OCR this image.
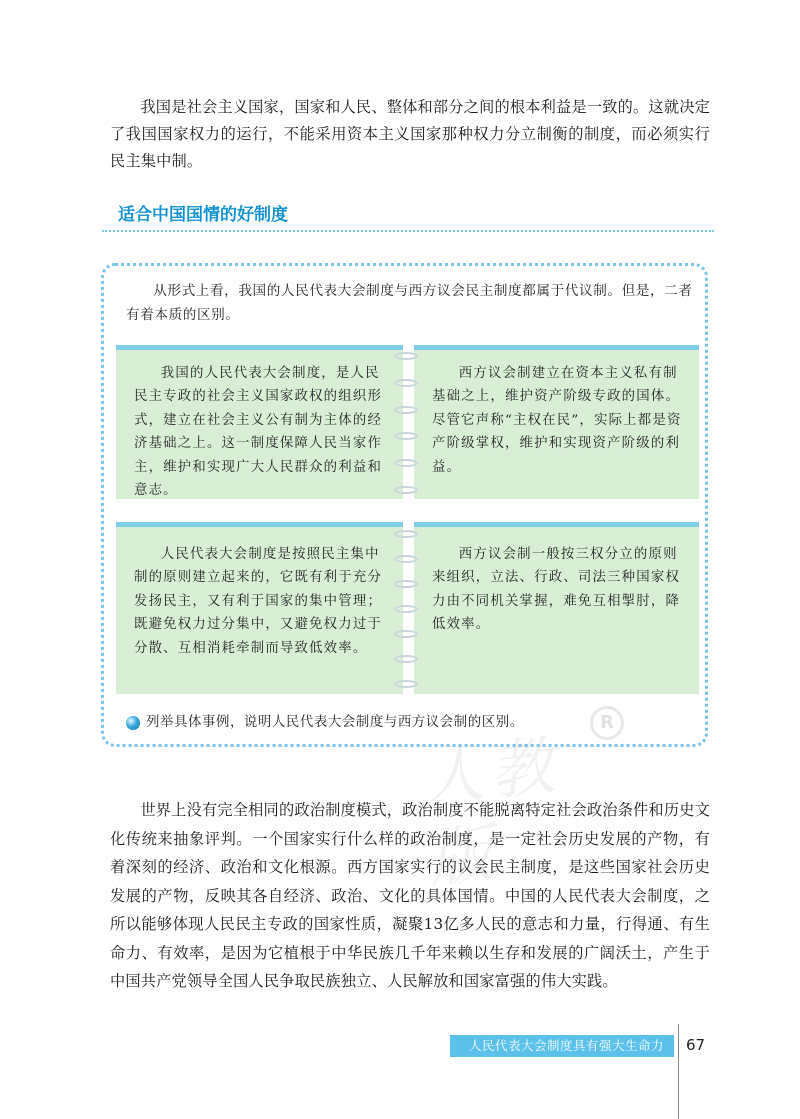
我国是社会主义国家，国家和人民、整体和部分之间的根本利益是一致的。这就决定了我国国家权力的运行，不能采用资本主义国家那种权力分立制衡的制度，而必须实行民主集中制。

适合中国国情的好制度

从形式上看，我国的人民代表大会制度与西方议会民主制度都属于代议制。但是，二者有着本质的区别。

我国的人民代表大会制度，是人民民主专政的社会主义国家政权的组织形式，建立在社会主义公有制为主体的经济基础之上。这一制度保障人民当家作主，维护和实现广大人民群众的利益和意志。

西方议会制建立在资本主义私有制基础之上，维护资产阶级专政的国体。尽管它声称“主权在民”，实际上都是资产阶级掌权，维护和实现资产阶级的利益。

人民代表大会制度是按照民主集中制的原则建立起来的，它既有利于充分发扬民主，又有利于国家的集中管理；既避免权力过分集中，又避免权力过于分散、互相消耗牵制而导致低效率。

西方议会制一般按三权分立的原则来组织，立法、行政、司法三种国家权力由不同机关掌握，难免互相掣肘，降低效率。

列举具体事例，说明人民代表大会制度与西方议会制的区别。

人教版
R

世界上没有完全相同的政治制度模式，政治制度不能脱离特定社会政治条件和历史文化传统来抽象评判。一个国家实行什么样的政治制度，是一定社会历史发展的产物，有着深刻的经济、政治和文化根源。西方国家实行的议会民主制度，是这些国家社会历史发展的产物，反映其各自经济、政治、文化的具体国情。中国的人民代表大会制度，之所以能够体现人民民主专政的国家性质，凝聚13亿多人民的意志和力量，行得通、有生命力、有效率，是因为它植根于中华民族几千年来赖以生存和发展的广阔沃土，产生于中国共产党领导全国人民争取民族独立、人民解放和国家富强的伟大实践。

人民代表大会制度具有强大生命力	67
